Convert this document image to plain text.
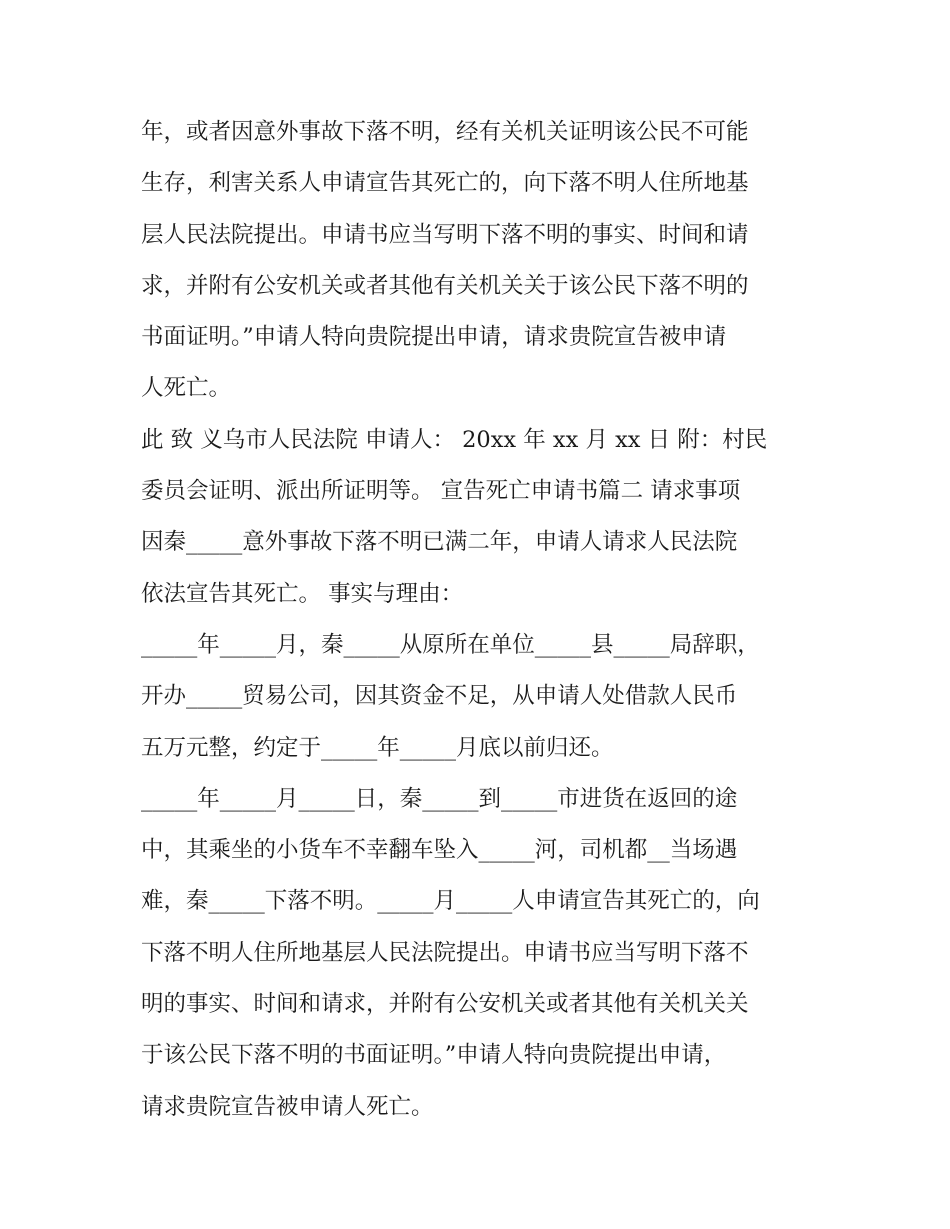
年，或者因意外事故下落不明，经有关机关证明该公民不可能
生存，利害关系人申请宣告其死亡的，向下落不明人住所地基
层人民法院提出。申请书应当写明下落不明的事实、时间和请
求，并附有公安机关或者其他有关机关关于该公民下落不明的
书面证明。”申请人特向贵院提出申请，请求贵院宣告被申请
人死亡。
此 致 义乌市人民法院 申请人： 20xx 年 xx 月 xx 日 附：村民
委员会证明、派出所证明等。 宣告死亡申请书篇二 请求事项
因秦_____意外事故下落不明已满二年，申请人请求人民法院
依法宣告其死亡。 事实与理由：
_____年_____月，秦_____从原所在单位_____县_____局辞职，
开办_____贸易公司，因其资金不足，从申请人处借款人民币
五万元整，约定于_____年_____月底以前归还。
_____年_____月_____日，秦_____到_____市进货在返回的途
中，其乘坐的小货车不幸翻车坠入_____河，司机都__当场遇
难，秦_____下落不明。_____月_____人申请宣告其死亡的，向
下落不明人住所地基层人民法院提出。申请书应当写明下落不
明的事实、时间和请求，并附有公安机关或者其他有关机关关
于该公民下落不明的书面证明。”申请人特向贵院提出申请，
请求贵院宣告被申请人死亡。
